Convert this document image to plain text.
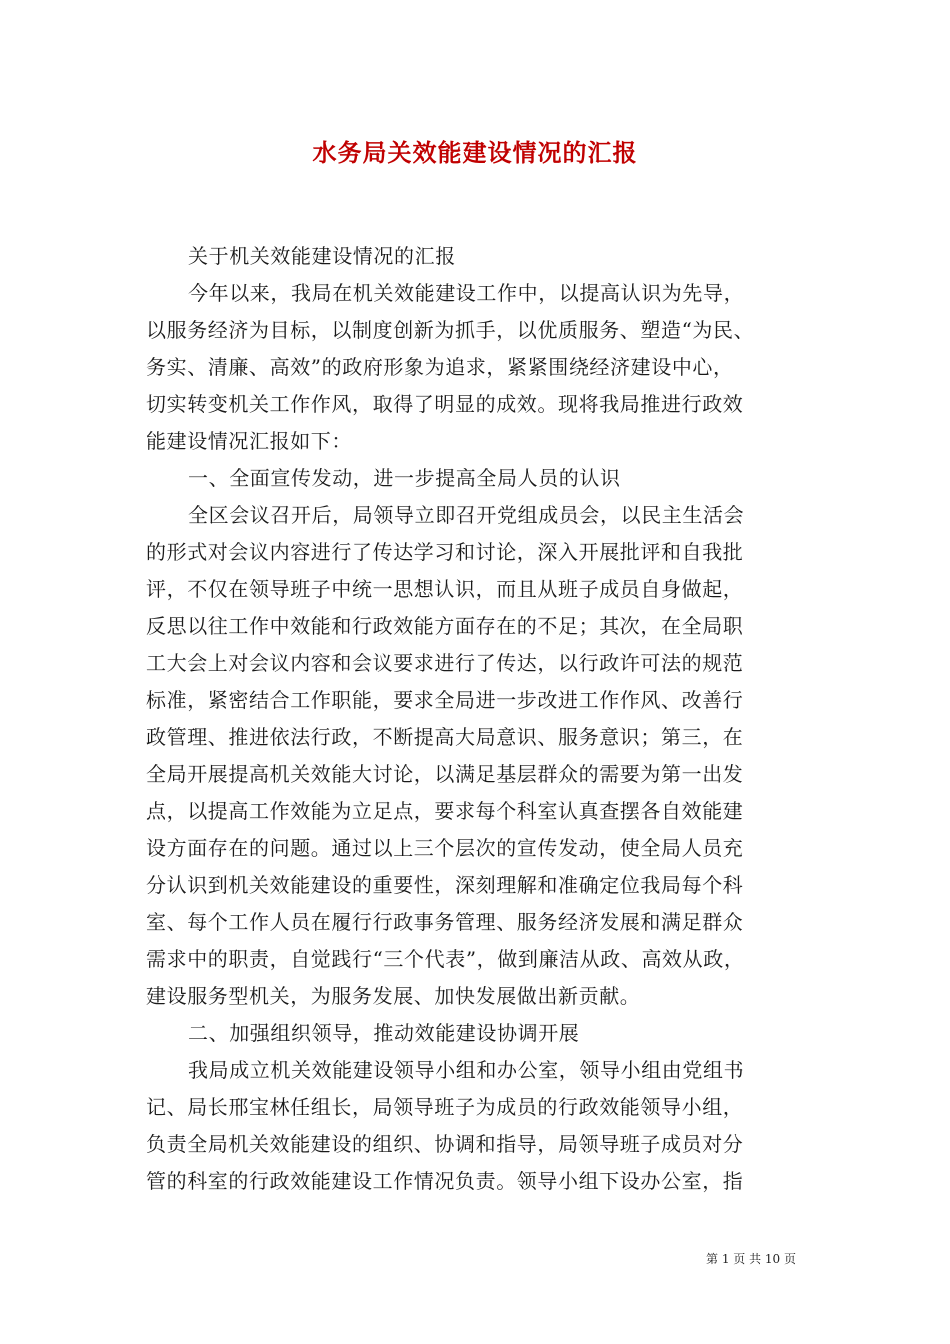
水务局关效能建设情况的汇报
关于机关效能建设情况的汇报
今年以来，我局在机关效能建设工作中，以提高认识为先导，
以服务经济为目标，以制度创新为抓手，以优质服务、塑造“为民、
务实、清廉、高效”的政府形象为追求，紧紧围绕经济建设中心，
切实转变机关工作作风，取得了明显的成效。现将我局推进行政效
能建设情况汇报如下：
一、全面宣传发动，进一步提高全局人员的认识
全区会议召开后，局领导立即召开党组成员会，以民主生活会
的形式对会议内容进行了传达学习和讨论，深入开展批评和自我批
评，不仅在领导班子中统一思想认识，而且从班子成员自身做起，
反思以往工作中效能和行政效能方面存在的不足；其次，在全局职
工大会上对会议内容和会议要求进行了传达，以行政许可法的规范
标准，紧密结合工作职能，要求全局进一步改进工作作风、改善行
政管理、推进依法行政，不断提高大局意识、服务意识；第三，在
全局开展提高机关效能大讨论，以满足基层群众的需要为第一出发
点，以提高工作效能为立足点，要求每个科室认真查摆各自效能建
设方面存在的问题。通过以上三个层次的宣传发动，使全局人员充
分认识到机关效能建设的重要性，深刻理解和准确定位我局每个科
室、每个工作人员在履行行政事务管理、服务经济发展和满足群众
需求中的职责，自觉践行“三个代表”，做到廉洁从政、高效从政，
建设服务型机关，为服务发展、加快发展做出新贡献。
二、加强组织领导，推动效能建设协调开展
我局成立机关效能建设领导小组和办公室，领导小组由党组书
记、局长邢宝林任组长，局领导班子为成员的行政效能领导小组，
负责全局机关效能建设的组织、协调和指导，局领导班子成员对分
管的科室的行政效能建设工作情况负责。领导小组下设办公室，指
第 1 页 共 10 页
